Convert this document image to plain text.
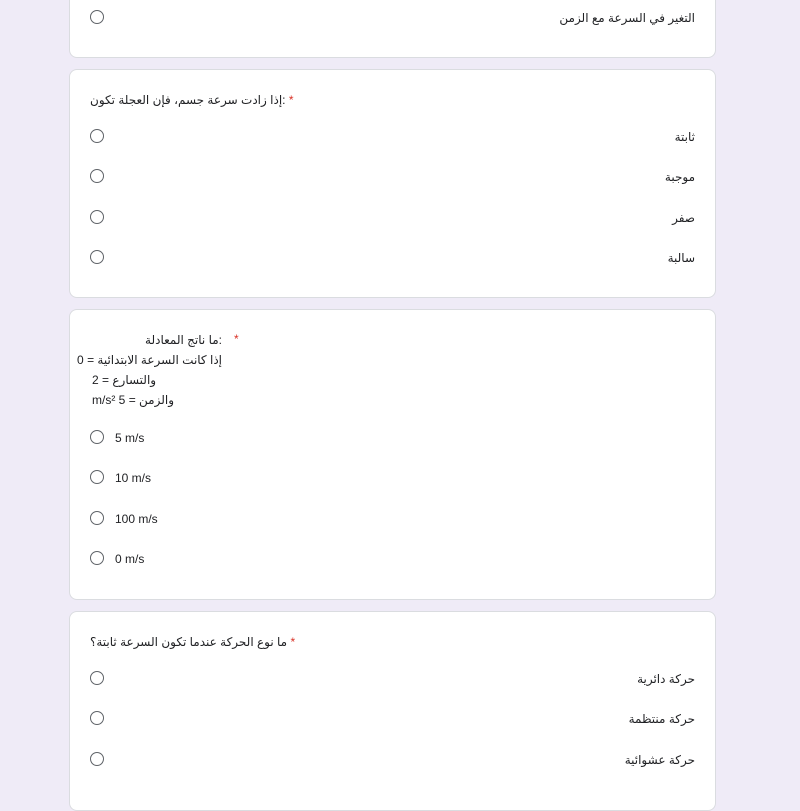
التغير في السرعة مع الزمن
* :إذا زادت سرعة جسم، فإن العجلة تكون
ثابتة
موجبة
صفر
سالبة
*
:ما ناتج المعادلة
إذا كانت السرعة الابتدائية = 0
والتسارع = 2
والزمن = 5 m/s²
5 m/s
10 m/s
100 m/s
0 m/s
* ما نوع الحركة عندما تكون السرعة ثابتة؟
حركة دائرية
حركة منتظمة
حركة عشوائية
